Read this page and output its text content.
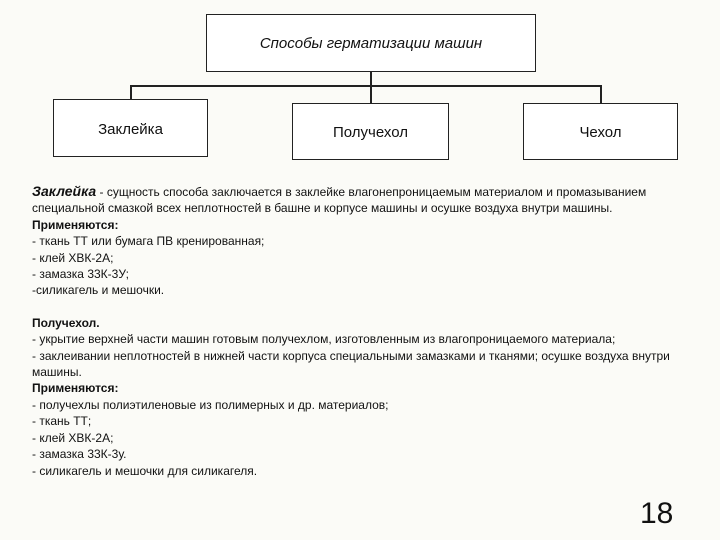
Способы герматизации машин
Заклейка	Получехол	Чехол

Заклейка - сущность способа заключается в заклейке влагонепроницаемым материалом и промазыванием специальной смазкой всех неплотностей в башне и корпусе машины и осушке воздуха внутри машины.

Применяются:

- ткань ТТ или бумага ПВ кренированная;

- клей ХВК-2А;

- замазка 33К-3У;

-силикагель и мешочки.

Получехол.

- укрытие верхней части машин готовым получехлом, изготовленным из влагопроницаемого материала;

- заклеивании неплотностей в нижней части корпуса специальными замазками и тканями; осушке воздуха внутри машины.

Применяются:

- получехлы полиэтиленовые из полимерных и др. материалов;

- ткань ТТ;

- клей ХВК-2А;

- замазка 33К-3у.

- силикагель и мешочки для силикагеля.

18
